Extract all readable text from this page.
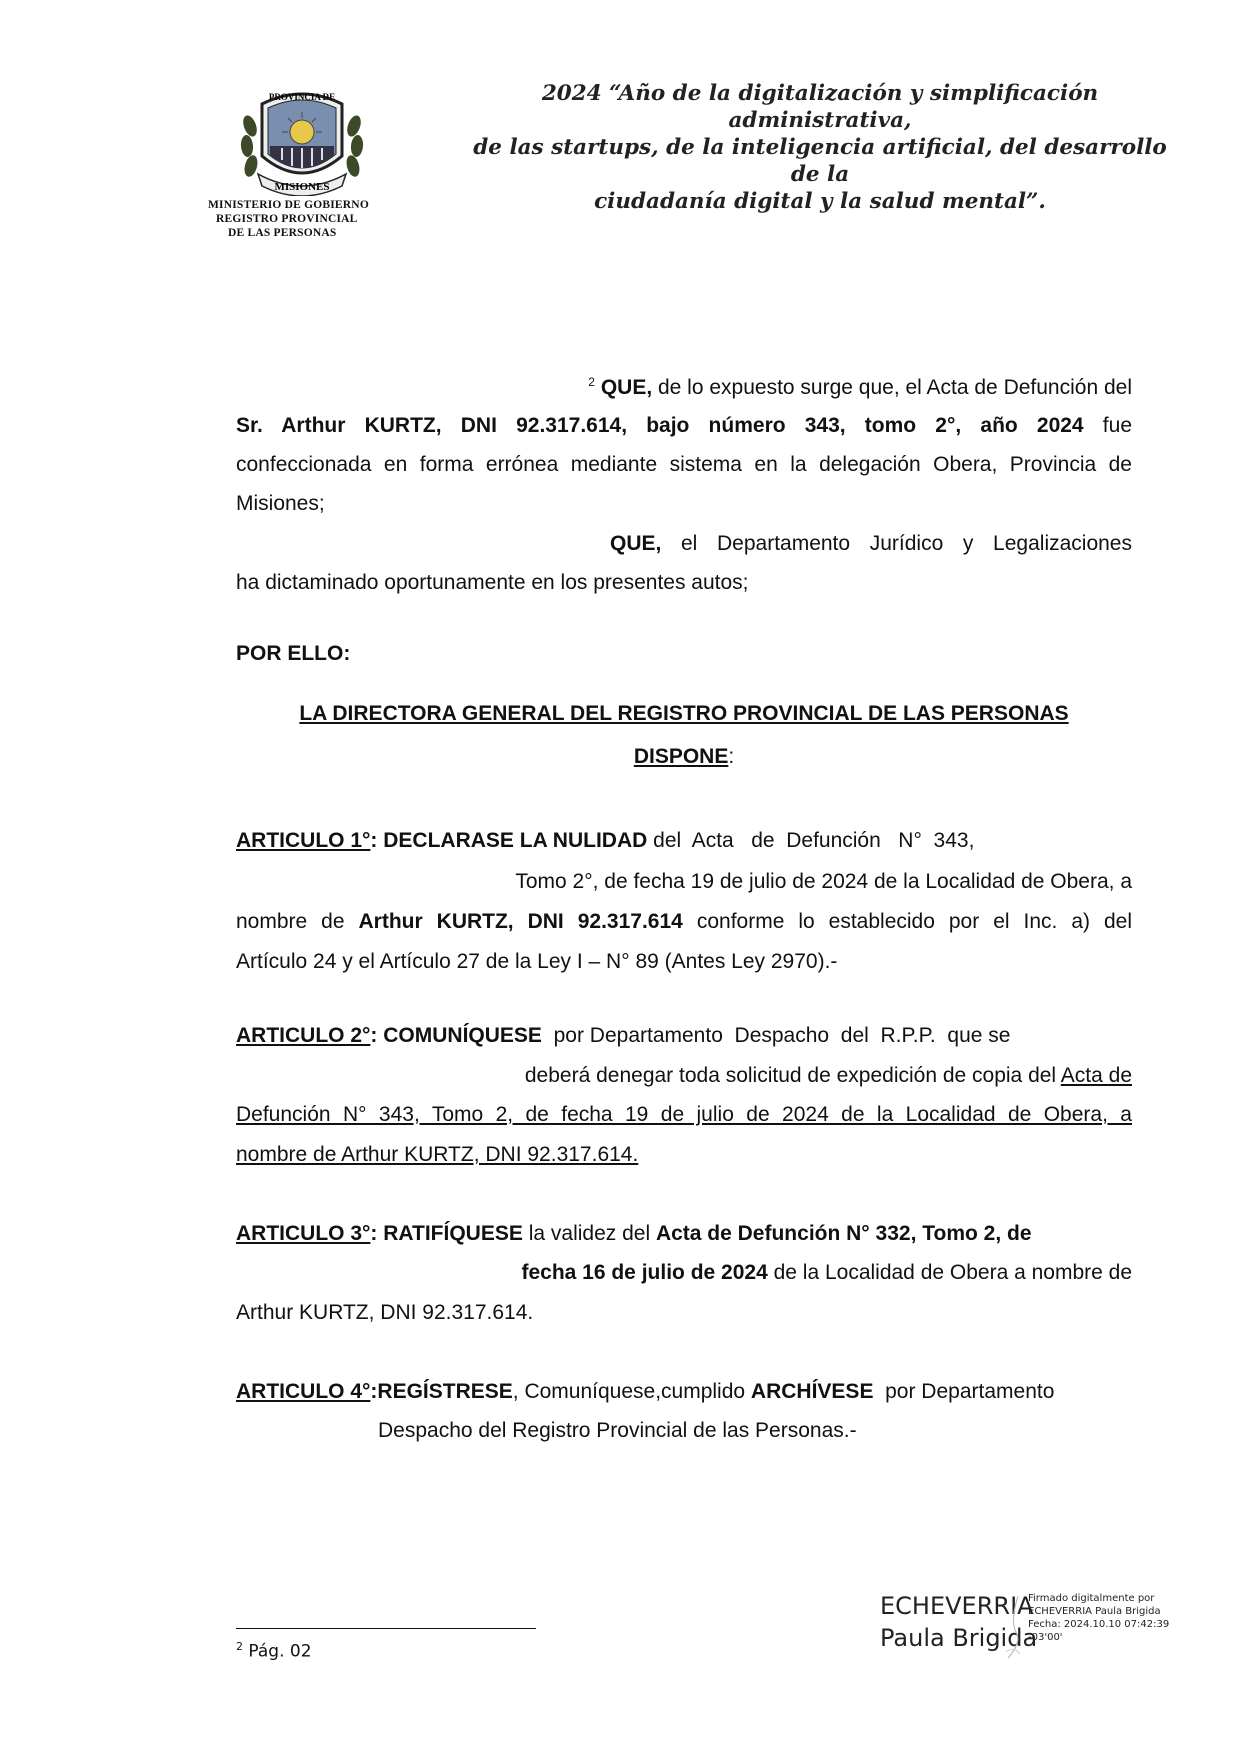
PROVINCIA DE
MISIONES
MINISTERIO DE GOBIERNO
REGISTRO PROVINCIAL
DE LAS PERSONAS
2024 “Año de la digitalización y simplificación administrativa,
de las startups, de la inteligencia artificial, del desarrollo de la
ciudadanía digital y la salud mental”.
$^2$ QUE, de lo expuesto surge que, el Acta de Defunción del
Sr. Arthur KURTZ, DNI 92.317.614, bajo número 343, tomo 2°, año 2024 fue
confeccionada en forma errónea mediante sistema en la delegación Obera, Provincia de
Misiones;
QUE, el Departamento Jurídico y Legalizaciones
ha dictaminado oportunamente en los presentes autos;
POR ELLO:
LA DIRECTORA GENERAL DEL REGISTRO PROVINCIAL DE LAS PERSONAS
DISPONE:
ARTICULO 1°: DECLARASE LA NULIDAD del  Acta   de  Defunción   N°  343,
Tomo 2°, de fecha 19 de julio de 2024 de la Localidad de Obera, a
nombre de Arthur KURTZ, DNI 92.317.614 conforme lo establecido por el Inc. a) del
Artículo 24 y el Artículo 27 de la Ley I – N° 89 (Antes Ley 2970).-
ARTICULO 2°: COMUNÍQUESE  por Departamento  Despacho  del  R.P.P.  que se
deberá denegar toda solicitud de expedición de copia del Acta de
Defunción N° 343, Tomo 2, de fecha 19 de julio de 2024 de la Localidad de Obera, a
nombre de Arthur KURTZ, DNI 92.317.614.
ARTICULO 3°: RATIFÍQUESE la validez del Acta de Defunción N° 332, Tomo 2, de
fecha 16 de julio de 2024 de la Localidad de Obera a nombre de
Arthur KURTZ, DNI 92.317.614.
ARTICULO 4°:REGÍSTRESE, Comuníquese,cumplido ARCHÍVESE  por Departamento
Despacho del Registro Provincial de las Personas.-
ECHEVERRIA
Paula Brigida
Firmado digitalmente por
ECHEVERRIA Paula Brigida
Fecha: 2024.10.10 07:42:39
-03'00'
$^2$ Pág. 02
